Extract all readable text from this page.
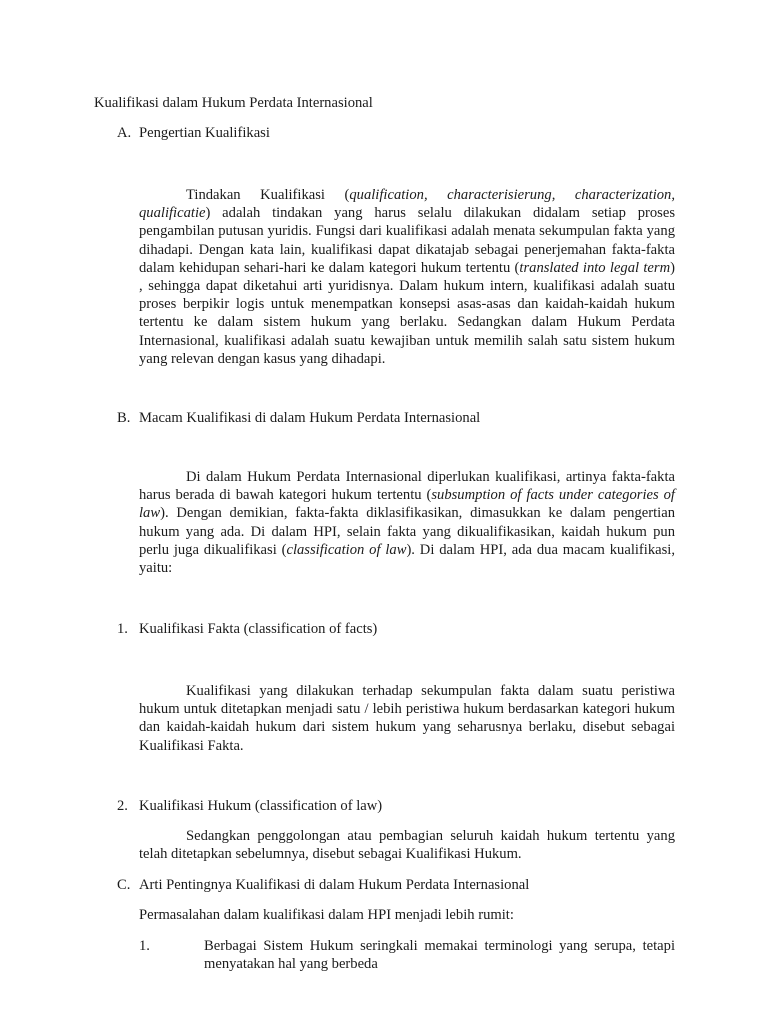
Kualifikasi dalam Hukum Perdata Internasional
A. Pengertian Kualifikasi
Tindakan Kualifikasi (qualification, characterisierung, characterization, qualificatie) adalah tindakan yang harus selalu dilakukan didalam setiap proses pengambilan putusan yuridis. Fungsi dari kualifikasi adalah menata sekumpulan fakta yang dihadapi. Dengan kata lain, kualifikasi dapat dikatajab sebagai penerjemahan fakta-fakta dalam kehidupan sehari-hari ke dalam kategori hukum tertentu (translated into legal term) , sehingga dapat diketahui arti yuridisnya. Dalam hukum intern, kualifikasi adalah suatu proses berpikir logis untuk menempatkan konsepsi asas-asas dan kaidah-kaidah hukum tertentu ke dalam sistem hukum yang berlaku. Sedangkan dalam Hukum Perdata Internasional, kualifikasi adalah suatu kewajiban untuk memilih salah satu sistem hukum yang relevan dengan kasus yang dihadapi.
B. Macam Kualifikasi di dalam Hukum Perdata Internasional
Di dalam Hukum Perdata Internasional diperlukan kualifikasi, artinya fakta-fakta harus berada di bawah kategori hukum tertentu (subsumption of facts under categories of law). Dengan demikian, fakta-fakta diklasifikasikan, dimasukkan ke dalam pengertian hukum yang ada. Di dalam HPI, selain fakta yang dikualifikasikan, kaidah hukum pun perlu juga dikualifikasi (classification of law). Di dalam HPI, ada dua macam kualifikasi, yaitu:
1. Kualifikasi Fakta (classification of facts)
Kualifikasi yang dilakukan terhadap sekumpulan fakta dalam suatu peristiwa hukum untuk ditetapkan menjadi satu / lebih peristiwa hukum berdasarkan kategori hukum dan kaidah-kaidah hukum dari sistem hukum yang seharusnya berlaku, disebut sebagai Kualifikasi Fakta.
2. Kualifikasi Hukum (classification of law)
Sedangkan penggolongan atau pembagian seluruh kaidah hukum tertentu yang telah ditetapkan sebelumnya, disebut sebagai Kualifikasi Hukum.
C. Arti Pentingnya Kualifikasi di dalam Hukum Perdata Internasional
Permasalahan dalam kualifikasi dalam HPI menjadi lebih rumit:
1.	Berbagai Sistem Hukum seringkali memakai terminologi yang serupa, tetapi menyatakan hal yang berbeda
